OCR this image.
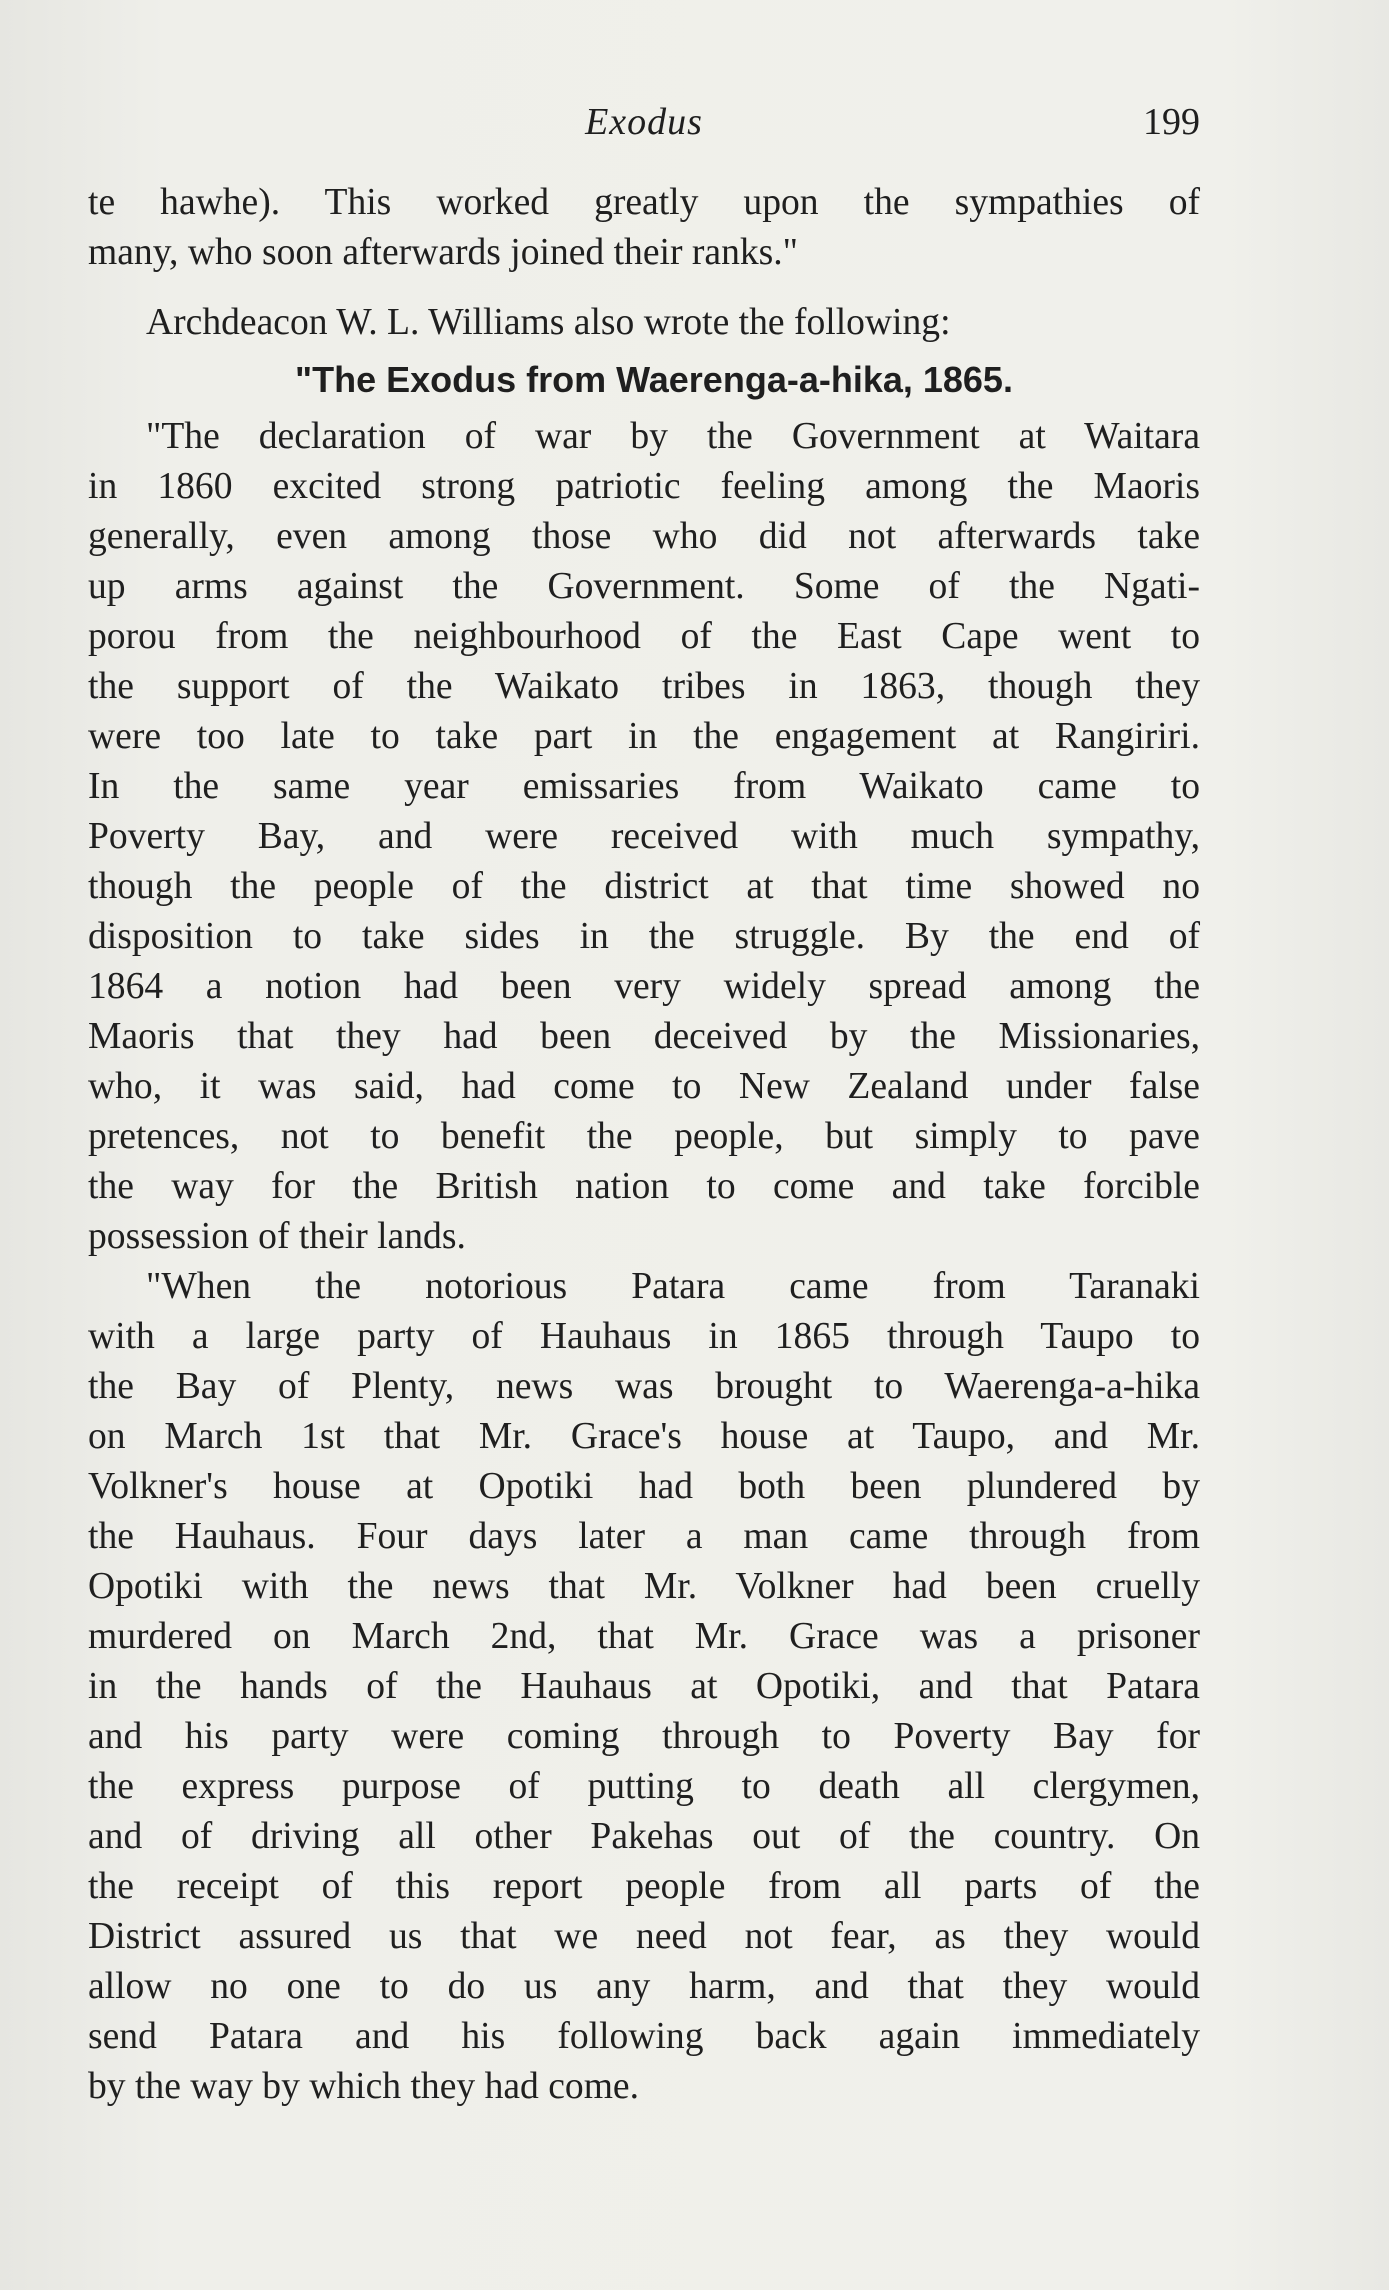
Exodus	199
te hawhe). This worked greatly upon the sympathies of
many, who soon afterwards joined their ranks."
Archdeacon W. L. Williams also wrote the following:
"The Exodus from Waerenga-a-hika, 1865.
"The declaration of war by the Government at Waitara
in 1860 excited strong patriotic feeling among the Maoris
generally, even among those who did not afterwards take
up arms against the Government. Some of the Ngati-
porou from the neighbourhood of the East Cape went to
the support of the Waikato tribes in 1863, though they
were too late to take part in the engagement at Rangiriri.
In the same year emissaries from Waikato came to
Poverty Bay, and were received with much sympathy,
though the people of the district at that time showed no
disposition to take sides in the struggle. By the end of
1864 a notion had been very widely spread among the
Maoris that they had been deceived by the Missionaries,
who, it was said, had come to New Zealand under false
pretences, not to benefit the people, but simply to pave
the way for the British nation to come and take forcible
possession of their lands.
"When the notorious Patara came from Taranaki
with a large party of Hauhaus in 1865 through Taupo to
the Bay of Plenty, news was brought to Waerenga-a-hika
on March 1st that Mr. Grace's house at Taupo, and Mr.
Volkner's house at Opotiki had both been plundered by
the Hauhaus. Four days later a man came through from
Opotiki with the news that Mr. Volkner had been cruelly
murdered on March 2nd, that Mr. Grace was a prisoner
in the hands of the Hauhaus at Opotiki, and that Patara
and his party were coming through to Poverty Bay for
the express purpose of putting to death all clergymen,
and of driving all other Pakehas out of the country. On
the receipt of this report people from all parts of the
District assured us that we need not fear, as they would
allow no one to do us any harm, and that they would
send Patara and his following back again immediately
by the way by which they had come.
